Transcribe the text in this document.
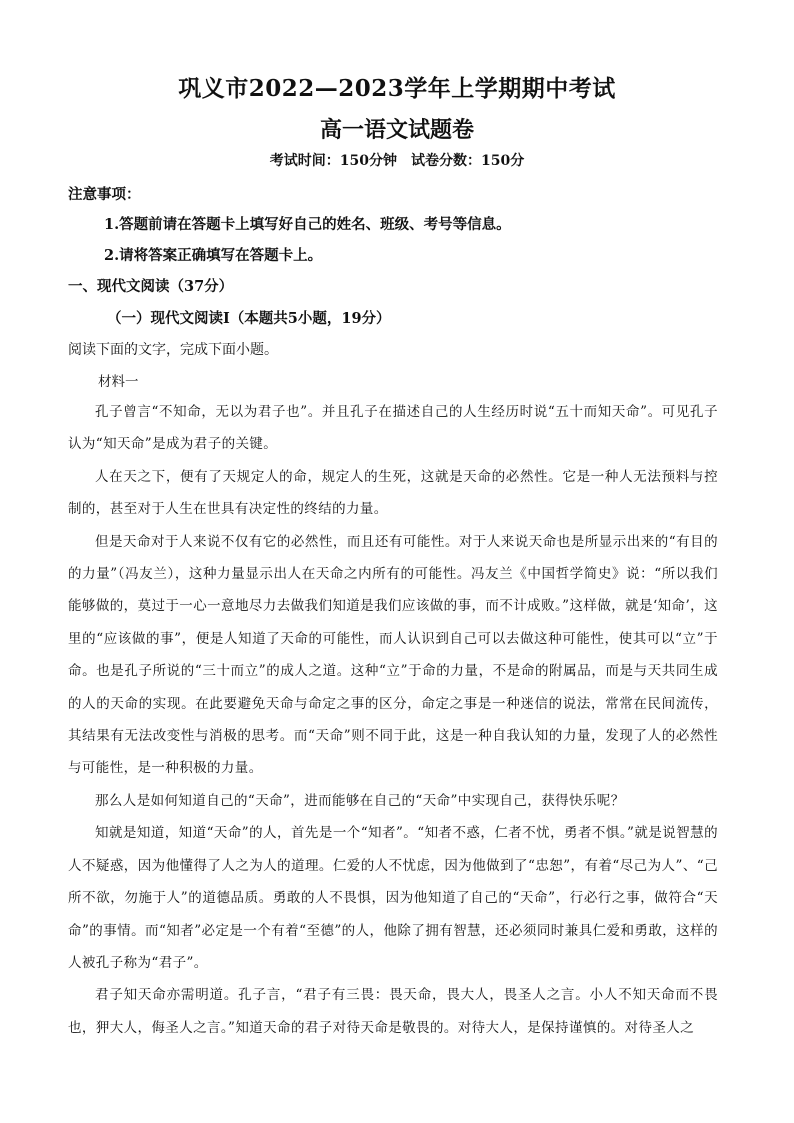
巩义市2022—2023学年上学期期中考试
高一语文试题卷
考试时间：150分钟 试卷分数：150分
注意事项：
1.答题前请在答题卡上填写好自己的姓名、班级、考号等信息。
2.请将答案正确填写在答题卡上。
一、现代文阅读（37分）
（一）现代文阅读Ⅰ（本题共5小题，19分）
阅读下面的文字，完成下面小题。
材料一

孔子曾言“不知命，无以为君子也”。并且孔子在描述自己的人生经历时说“五十而知天命”。可见孔子认为“知天命”是成为君子的关键。

人在天之下，便有了天规定人的命，规定人的生死，这就是天命的必然性。它是一种人无法预料与控制的，甚至对于人生在世具有决定性的终结的力量。

但是天命对于人来说不仅有它的必然性，而且还有可能性。对于人来说天命也是所显示出来的“有目的的力量”（冯友兰），这种力量显示出人在天命之内所有的可能性。冯友兰《中国哲学简史》说：“所以我们能够做的，莫过于一心一意地尽力去做我们知道是我们应该做的事，而不计成败。”这样做，就是‘知命’，这里的“应该做的事”，便是人知道了天命的可能性，而人认识到自己可以去做这种可能性，使其可以“立”于命。也是孔子所说的“三十而立”的成人之道。这种“立”于命的力量，不是命的附属品，而是与天共同生成的人的天命的实现。在此要避免天命与命定之事的区分，命定之事是一种迷信的说法，常常在民间流传，其结果有无法改变性与消极的思考。而“天命”则不同于此，这是一种自我认知的力量，发现了人的必然性与可能性，是一种积极的力量。

那么人是如何知道自己的“天命”，进而能够在自己的“天命”中实现自己，获得快乐呢？

知就是知道，知道“天命”的人，首先是一个“知者”。“知者不惑，仁者不忧，勇者不惧。”就是说智慧的人不疑惑，因为他懂得了人之为人的道理。仁爱的人不忧虑，因为他做到了“忠恕”，有着“尽己为人”、“己所不欲，勿施于人”的道德品质。勇敢的人不畏惧，因为他知道了自己的“天命”，行必行之事，做符合“天命”的事情。而“知者”必定是一个有着“至德”的人，他除了拥有智慧，还必须同时兼具仁爱和勇敢，这样的人被孔子称为“君子”。

君子知天命亦需明道。孔子言，“君子有三畏：畏天命，畏大人，畏圣人之言。小人不知天命而不畏也，狎大人，侮圣人之言。”知道天命的君子对待天命是敬畏的。对待大人，是保持谨慎的。对待圣人之
